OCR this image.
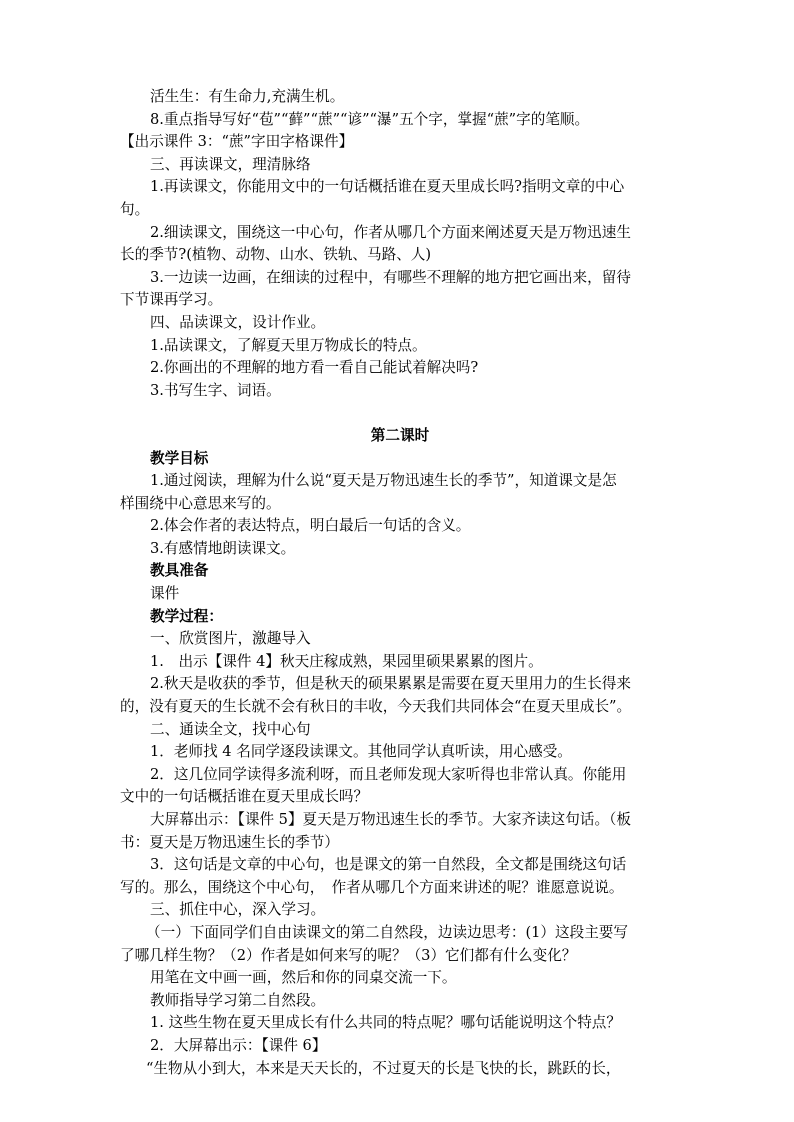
活生生：有生命力,充满生机。
8.重点指导写好“苞”“藓”“蔗”“谚”“瀑”五个字，掌握“蔗”字的笔顺。
【出示课件 3：“蔗”字田字格课件】
三、再读课文，理清脉络
1.再读课文，你能用文中的一句话概括谁在夏天里成长吗?指明文章的中心
句。
2.细读课文，围绕这一中心句，作者从哪几个方面来阐述夏天是万物迅速生
长的季节?(植物、动物、山水、铁轨、马路、人)
3.一边读一边画，在细读的过程中，有哪些不理解的地方把它画出来，留待
下节课再学习。
四、品读课文，设计作业。
1.品读课文，了解夏天里万物成长的特点。
2.你画出的不理解的地方看一看自己能试着解决吗?
3.书写生字、词语。
第二课时
教学目标
1.通过阅读，理解为什么说“夏天是万物迅速生长的季节”，知道课文是怎
样围绕中心意思来写的。
2.体会作者的表达特点，明白最后一句话的含义。
3.有感情地朗读课文。
教具准备
课件
教学过程：
一、欣赏图片，激趣导入
1.　出示【课件 4】秋天庄稼成熟，果园里硕果累累的图片。
2.秋天是收获的季节，但是秋天的硕果累累是需要在夏天里用力的生长得来
的，没有夏天的生长就不会有秋日的丰收，今天我们共同体会“在夏天里成长”。
二、通读全文，找中心句
1．老师找 4 名同学逐段读课文。其他同学认真听读，用心感受。
2．这几位同学读得多流利呀，而且老师发现大家听得也非常认真。你能用
文中的一句话概括谁在夏天里成长吗？
大屏幕出示：【课件 5】夏天是万物迅速生长的季节。大家齐读这句话。（板
书：夏天是万物迅速生长的季节）
3．这句话是文章的中心句，也是课文的第一自然段，全文都是围绕这句话
写的。那么，围绕这个中心句，　作者从哪几个方面来讲述的呢？谁愿意说说。
三、抓住中心，深入学习。
（一）下面同学们自由读课文的第二自然段，边读边思考：(1）这段主要写
了哪几样生物？（2）作者是如何来写的呢？（3）它们都有什么变化？
用笔在文中画一画，然后和你的同桌交流一下。
教师指导学习第二自然段。
1. 这些生物在夏天里成长有什么共同的特点呢？哪句话能说明这个特点？
2．大屏幕出示：【课件 6】
“生物从小到大，本来是天天长的，不过夏天的长是飞快的长，跳跃的长，
